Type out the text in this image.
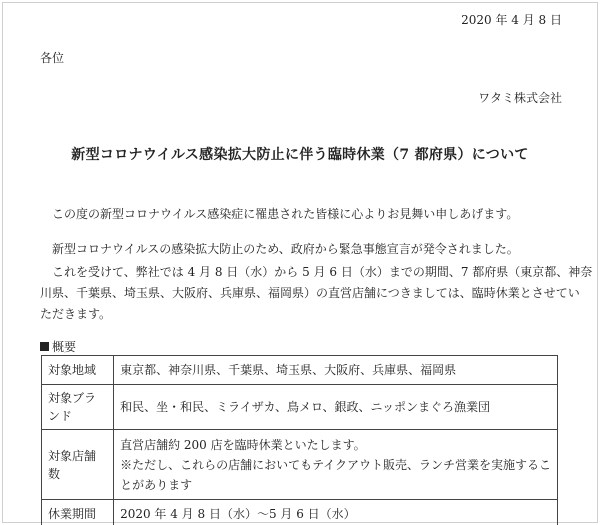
2020 年 4 月 8 日
各位
ワタミ株式会社
新型コロナウイルス感染拡大防止に伴う臨時休業（7 都府県）について
この度の新型コロナウイルス感染症に罹患された皆様に心よりお見舞い申しあげます。
新型コロナウイルスの感染拡大防止のため、政府から緊急事態宣言が発令されました。
これを受けて、弊社では 4 月 8 日（水）から 5 月 6 日（水）までの期間、7 都府県（東京都、神奈
川県、千葉県、埼玉県、大阪府、兵庫県、福岡県）の直営店舗につきましては、臨時休業とさせてい
ただきます。
概要
対象地域	東京都、神奈川県、千葉県、埼玉県、大阪府、兵庫県、福岡県

対象ブランド	和民、坐・和民、ミライザカ、鳥メロ、銀政、ニッポンまぐろ漁業団

対象店舗数	直営店舗約 200 店を臨時休業といたします。
※ただし、これらの店舗においてもテイクアウト販売、ランチ営業を実施するこ
とがあります

休業期間	2020 年 4 月 8 日（水）～5 月 6 日（水）
